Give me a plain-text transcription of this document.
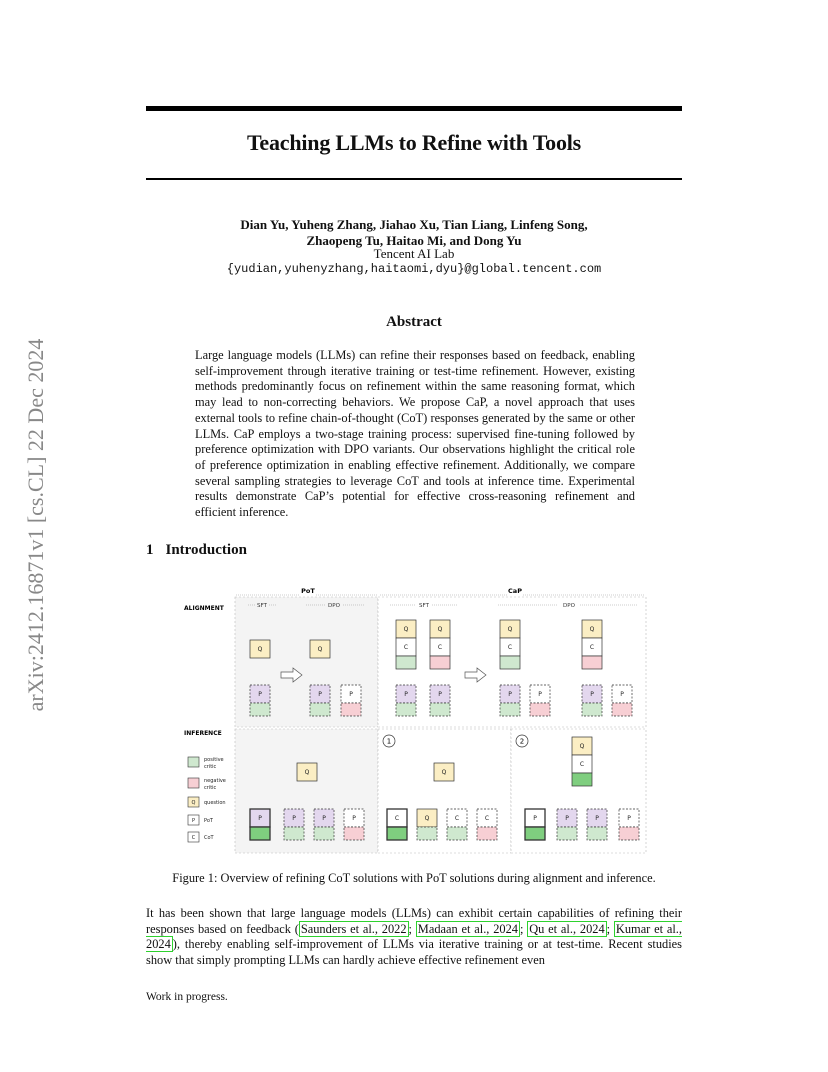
arXiv:2412.16871v1 [cs.CL] 22 Dec 2024
Teaching LLMs to Refine with Tools
Dian Yu, Yuheng Zhang, Jiahao Xu, Tian Liang, Linfeng Song,
Zhaopeng Tu, Haitao Mi, and Dong Yu
Tencent AI Lab
{yudian,yuhenyzhang,haitaomi,dyu}@global.tencent.com
Abstract
Large language models (LLMs) can refine their responses based on feedback, enabling self-improvement through iterative training or test-time refinement. However, existing methods predominantly focus on refinement within the same reasoning format, which may lead to non-correcting behaviors. We propose CaP, a novel approach that uses external tools to refine chain-of-thought (CoT) responses generated by the same or other LLMs. CaP employs a two-stage training process: supervised fine-tuning followed by preference optimization with DPO variants. Our observations highlight the critical role of preference optimization in enabling effective refinement. Additionally, we compare several sampling strategies to leverage CoT and tools at inference time. Experimental results demonstrate CaP’s potential for effective cross-reasoning refinement and efficient inference.
1 Introduction
PoT	CaP
ALIGNMENT
INFERENCE
SFT	DPO	SFT	DPO
Q	Q
P	P	P
Q
C
Q
C
P	P
Q
C
Q
C
P	P	P	P
Q
P	P	P	P
Q
C	Q	C	C
Q
C
P	P	P	P
1	2
positive
critic
negative
critic
Q question
P PoT
C CoT
Figure 1: Overview of refining CoT solutions with PoT solutions during alignment and inference.
It has been shown that large language models (LLMs) can exhibit certain capabilities of refining their responses based on feedback ( Saunders et al., 2022 ; Madaan et al., 2024 ; Qu et al., 2024 ; Kumar et al., 2024 ), thereby enabling self-improvement of LLMs via iterative training or at test-time. Recent studies show that simply prompting LLMs can hardly achieve effective refinement even
Work in progress.
